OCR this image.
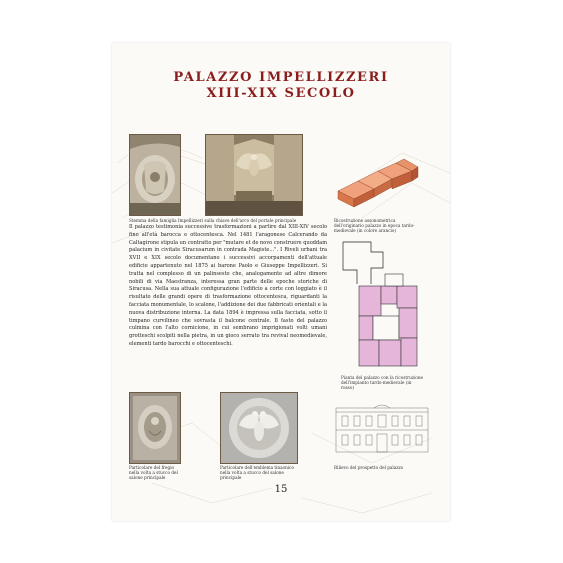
PALAZZO IMPELLIZZERI
XIII-XIX SECOLO
Stemma della famiglia Impellizzeri sulla chiave dell'arco del portale principale	Ricostruzione assonometrica dell'originario palazzo in epoca tardo-medievale (in colore arancio)
Pianta del palazzo con la ricostruzione dell'impianto tardo-medievale (in rosso)
Il palazzo testimonia successive trasformazioni a partire dal XIII-XIV secolo fino all'età barocca e ottocentesca. Nel 1481 l'aragonese Calcerando da Caltagirone stipula un contratto per "mutare et de novo construere quoddam palacium in civitate Siracusarum in contrada Magiste...". I Riveli urbani tra XVII e XIX secolo documentano i successivi accorpamenti dell'attuale edificio appartenuto nel 1875 ai barone Paolo e Giuseppe Impellizzeri. Si tratta nel complesso di un palinsesto che, analogamente ad altre dimore nobili di via Maestranza, interessa gran parte delle epoche storiche di Siracusa. Nella sua attuale configurazione l'edificio a corte con loggiato è il risultato delle grandi opere di trasformazione ottocentesca, riguardanti la facciata monumentale, lo scalone, l'addizione dei due fabbricati orientali e la nuova distribuzione interna. La data 1894 è impressa sulla facciata, sotto il timpano curvilineo che sovrasta il balcone centrale. Il fasto del palazzo culmina con l'alto cornicione, in cui sembrano imprigionati volti umani grotteschi scolpiti nella pietra, in un gioco serrato tra revival neomedievale, elementi tardo barocchi e ottocenteschi.
Particolare del fregio nella volta a stucco del salone principale
Particolare dell'emblema tinaonico nella volta a stucco del salone principale
Rilievo del prospetto del palazzo
15
